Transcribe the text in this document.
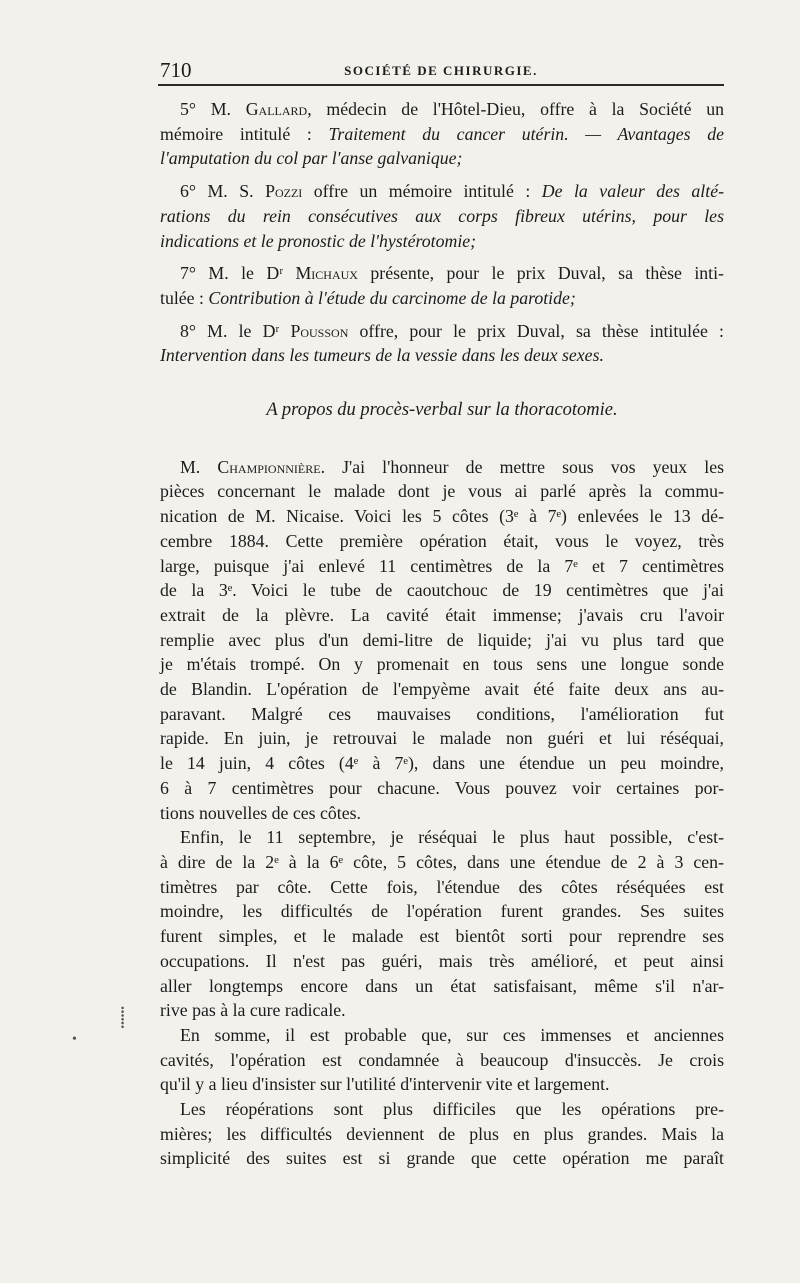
710	SOCIÉTÉ DE CHIRURGIE.
5° M. Gallard, médecin de l'Hôtel-Dieu, offre à la Société un
mémoire intitulé : Traitement du cancer utérin. — Avantages de
l'amputation du col par l'anse galvanique;
6° M. S. Pozzi offre un mémoire intitulé : De la valeur des alté-
rations du rein consécutives aux corps fibreux utérins, pour les
indications et le pronostic de l'hystérotomie;
7° M. le Dʳ Michaux présente, pour le prix Duval, sa thèse inti-
tulée : Contribution à l'étude du carcinome de la parotide;
8° M. le Dʳ Pousson offre, pour le prix Duval, sa thèse intitulée :
Intervention dans les tumeurs de la vessie dans les deux sexes.
A propos du procès-verbal sur la thoracotomie.
M. Championnière. J'ai l'honneur de mettre sous vos yeux les
pièces concernant le malade dont je vous ai parlé après la commu-
nication de M. Nicaise. Voici les 5 côtes (3ᵉ à 7ᵉ) enlevées le 13 dé-
cembre 1884. Cette première opération était, vous le voyez, très
large, puisque j'ai enlevé 11 centimètres de la 7ᵉ et 7 centimètres
de la 3ᵉ. Voici le tube de caoutchouc de 19 centimètres que j'ai
extrait de la plèvre. La cavité était immense; j'avais cru l'avoir
remplie avec plus d'un demi-litre de liquide; j'ai vu plus tard que
je m'étais trompé. On y promenait en tous sens une longue sonde
de Blandin. L'opération de l'empyème avait été faite deux ans au-
paravant. Malgré ces mauvaises conditions, l'amélioration fut
rapide. En juin, je retrouvai le malade non guéri et lui réséquai,
le 14 juin, 4 côtes (4ᵉ à 7ᵉ), dans une étendue un peu moindre,
6 à 7 centimètres pour chacune. Vous pouvez voir certaines por-
tions nouvelles de ces côtes.
Enfin, le 11 septembre, je réséquai le plus haut possible, c'est-
à dire de la 2ᵉ à la 6ᵉ côte, 5 côtes, dans une étendue de 2 à 3 cen-
timètres par côte. Cette fois, l'étendue des côtes réséquées est
moindre, les difficultés de l'opération furent grandes. Ses suites
furent simples, et le malade est bientôt sorti pour reprendre ses
occupations. Il n'est pas guéri, mais très amélioré, et peut ainsi
aller longtemps encore dans un état satisfaisant, même s'il n'ar-
rive pas à la cure radicale.
En somme, il est probable que, sur ces immenses et anciennes
cavités, l'opération est condamnée à beaucoup d'insuccès. Je crois
qu'il y a lieu d'insister sur l'utilité d'intervenir vite et largement.
Les réopérations sont plus difficiles que les opérations pre-
mières; les difficultés deviennent de plus en plus grandes. Mais la
simplicité des suites est si grande que cette opération me paraît
⸽
•
